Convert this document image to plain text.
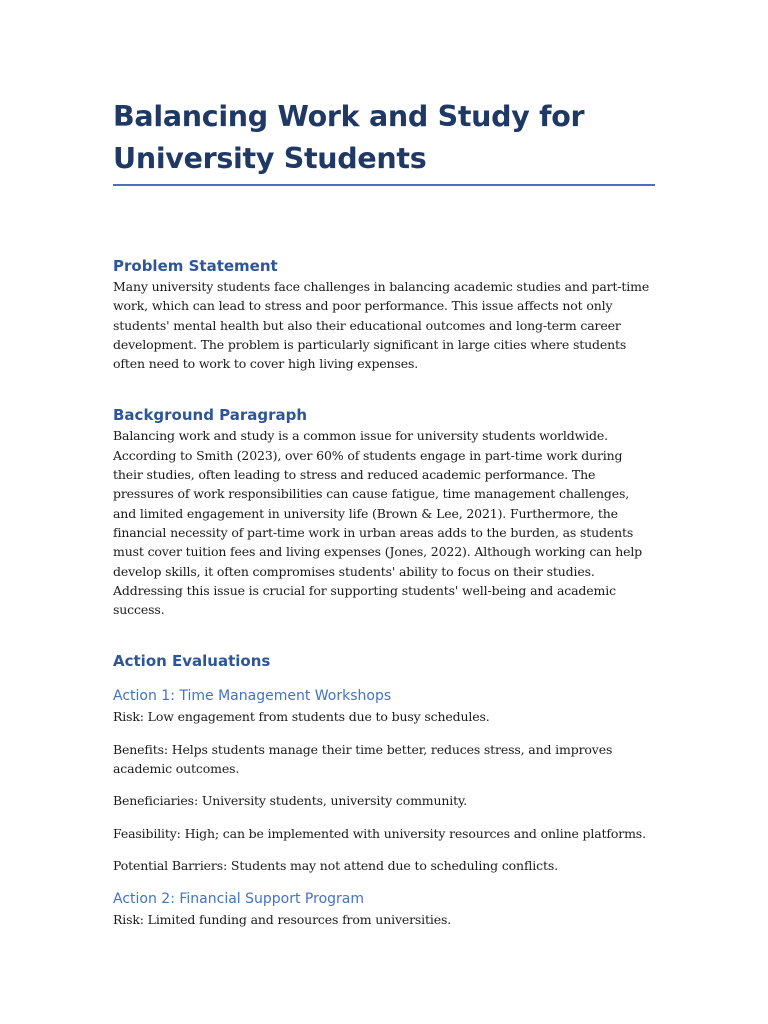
Balancing Work and Study for University Students
Problem Statement

Many university students face challenges in balancing academic studies and part-time work, which can lead to stress and poor performance. This issue affects not only students' mental health but also their educational outcomes and long-term career development. The problem is particularly significant in large cities where students often need to work to cover high living expenses.

Background Paragraph

Balancing work and study is a common issue for university students worldwide. According to Smith (2023), over 60% of students engage in part-time work during their studies, often leading to stress and reduced academic performance. The pressures of work responsibilities can cause fatigue, time management challenges, and limited engagement in university life (Brown & Lee, 2021). Furthermore, the financial necessity of part-time work in urban areas adds to the burden, as students must cover tuition fees and living expenses (Jones, 2022). Although working can help develop skills, it often compromises students' ability to focus on their studies. Addressing this issue is crucial for supporting students' well-being and academic success.

Action Evaluations
Action 1: Time Management Workshops

Risk: Low engagement from students due to busy schedules.

Benefits: Helps students manage their time better, reduces stress, and improves academic outcomes.

Beneficiaries: University students, university community.

Feasibility: High; can be implemented with university resources and online platforms.

Potential Barriers: Students may not attend due to scheduling conflicts.

Action 2: Financial Support Program

Risk: Limited funding and resources from universities.
